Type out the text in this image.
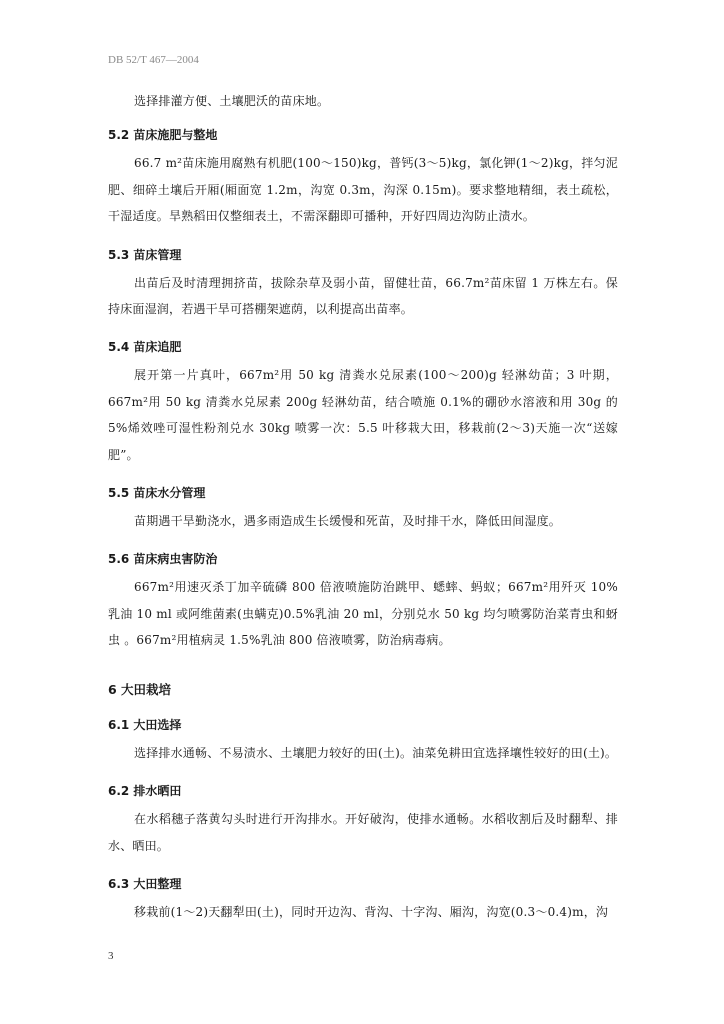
DB 52/T 467—2004

选择排灌方便、土壤肥沃的苗床地。

5.2 苗床施肥与整地

66.7 m²苗床施用腐熟有机肥(100～150)kg，普钙(3～5)kg，氯化钾(1～2)kg，拌匀泥肥、细碎土壤后开厢(厢面宽 1.2m，沟宽 0.3m，沟深 0.15m)。要求整地精细，表土疏松，干湿适度。旱熟稻田仅整细表土，不需深翻即可播种，开好四周边沟防止渍水。

5.3 苗床管理

出苗后及时清理拥挤苗，拔除杂草及弱小苗，留健壮苗，66.7m²苗床留 1 万株左右。保持床面湿润，若遇干旱可搭棚架遮荫，以利提高出苗率。

5.4 苗床追肥

展开第一片真叶，667m²用 50 kg 清粪水兑尿素(100～200)g 轻淋幼苗；3 叶期，667m²用 50 kg 清粪水兑尿素 200g 轻淋幼苗，结合喷施 0.1%的硼砂水溶液和用 30g 的 5%烯效唑可湿性粉剂兑水 30kg 喷雾一次：5.5 叶移栽大田，移栽前(2～3)天施一次“送嫁肥”。

5.5 苗床水分管理

苗期遇干旱勤浇水，遇多雨造成生长缓慢和死苗，及时排干水，降低田间湿度。

5.6 苗床病虫害防治

667m²用速灭杀丁加辛硫磷 800 倍液喷施防治跳甲、蟋蟀、蚂蚁；667m²用歼灭 10%乳油 10 ml 或阿维菌素(虫螨克)0.5%乳油 20 ml，分别兑水 50 kg 均匀喷雾防治菜青虫和蚜虫 。667m²用植病灵 1.5%乳油 800 倍液喷雾，防治病毒病。

6 大田栽培
6.1 大田选择

选择排水通畅、不易渍水、土壤肥力较好的田(土)。油菜免耕田宜选择壤性较好的田(土)。

6.2 排水晒田

在水稻穗子落黄勾头时进行开沟排水。开好破沟，使排水通畅。水稻收割后及时翻犁、排水、晒田。

6.3 大田整理

移栽前(1～2)天翻犁田(土)，同时开边沟、背沟、十字沟、厢沟，沟宽(0.3～0.4)m，沟

3
